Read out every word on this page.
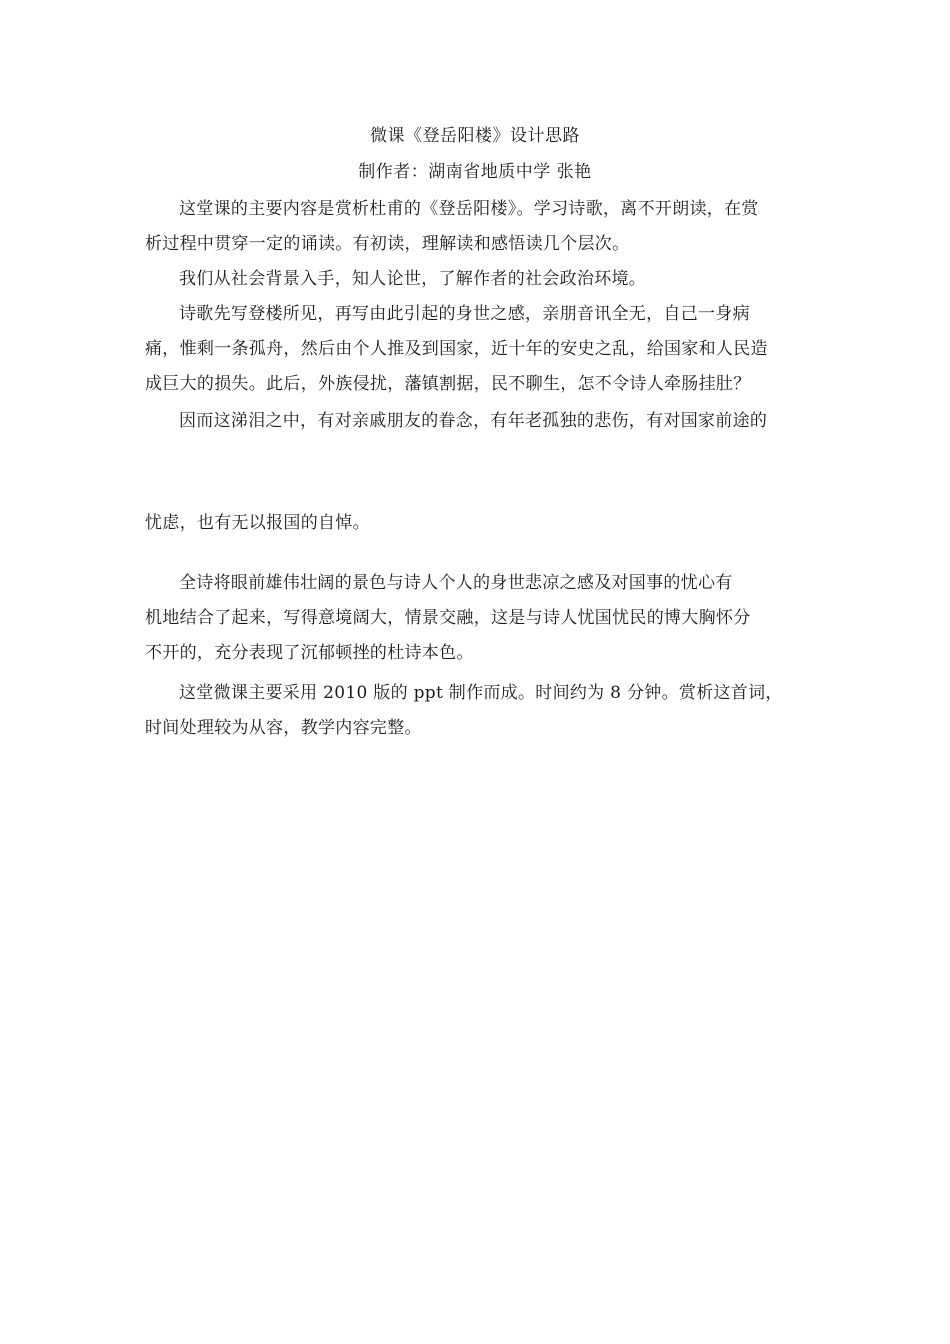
微课《登岳阳楼》设计思路
制作者：湖南省地质中学 张艳
这堂课的主要内容是赏析杜甫的《登岳阳楼》。学习诗歌，离不开朗读，在赏
析过程中贯穿一定的诵读。有初读，理解读和感悟读几个层次。
我们从社会背景入手，知人论世，了解作者的社会政治环境。
诗歌先写登楼所见，再写由此引起的身世之感，亲朋音讯全无，自己一身病
痛，惟剩一条孤舟，然后由个人推及到国家，近十年的安史之乱，给国家和人民造
成巨大的损失。此后，外族侵扰，藩镇割据，民不聊生，怎不令诗人牵肠挂肚？
因而这涕泪之中，有对亲戚朋友的眷念，有年老孤独的悲伤，有对国家前途的
忧虑，也有无以报国的自悼。
全诗将眼前雄伟壮阔的景色与诗人个人的身世悲凉之感及对国事的忧心有
机地结合了起来，写得意境阔大，情景交融，这是与诗人忧国忧民的博大胸怀分
不开的，充分表现了沉郁顿挫的杜诗本色。
这堂微课主要采用 2010 版的 ppt 制作而成。时间约为 8 分钟。赏析这首词，
时间处理较为从容，教学内容完整。
